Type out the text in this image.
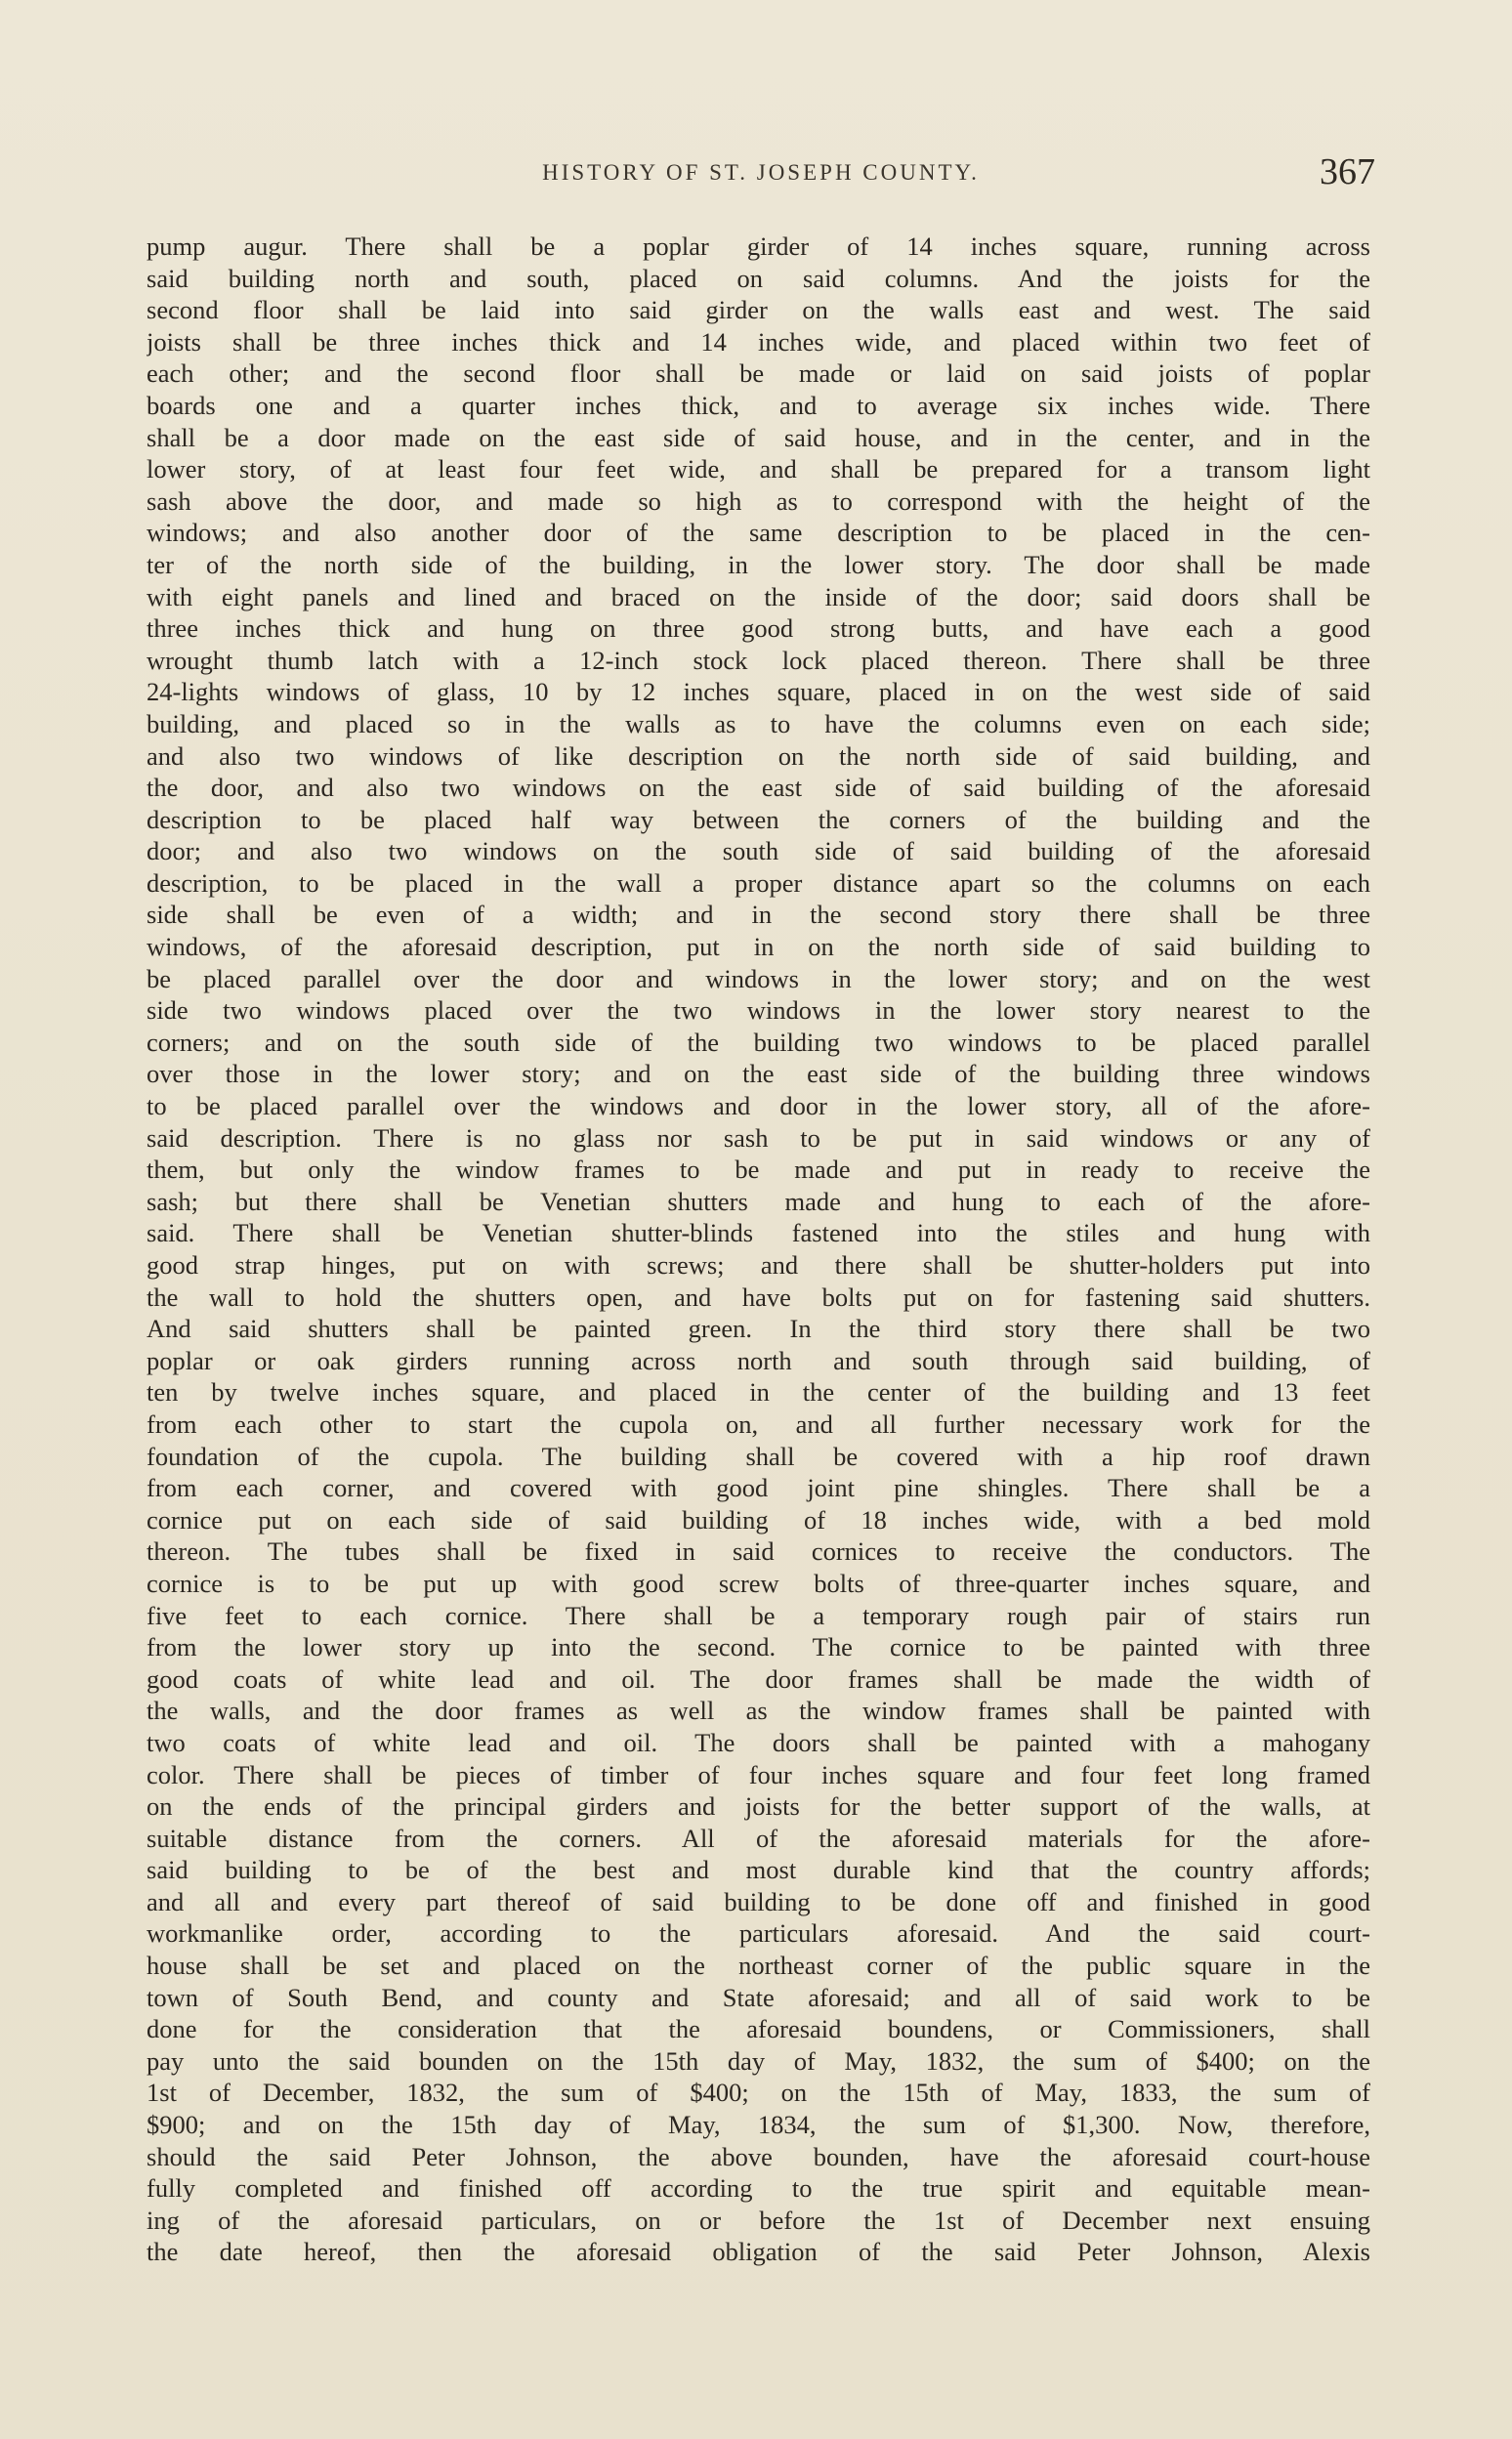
HISTORY OF ST. JOSEPH COUNTY.	367
pump augur. There shall be a poplar girder of 14 inches square, running across
said building north and south, placed on said columns. And the joists for the
second floor shall be laid into said girder on the walls east and west. The said
joists shall be three inches thick and 14 inches wide, and placed within two feet of
each other; and the second floor shall be made or laid on said joists of poplar
boards one and a quarter inches thick, and to average six inches wide. There
shall be a door made on the east side of said house, and in the center, and in the
lower story, of at least four feet wide, and shall be prepared for a transom light
sash above the door, and made so high as to correspond with the height of the
windows; and also another door of the same description to be placed in the cen-
ter of the north side of the building, in the lower story. The door shall be made
with eight panels and lined and braced on the inside of the door; said doors shall be
three inches thick and hung on three good strong butts, and have each a good
wrought thumb latch with a 12-inch stock lock placed thereon. There shall be three
24-lights windows of glass, 10 by 12 inches square, placed in on the west side of said
building, and placed so in the walls as to have the columns even on each side;
and also two windows of like description on the north side of said building, and
the door, and also two windows on the east side of said building of the aforesaid
description to be placed half way between the corners of the building and the
door; and also two windows on the south side of said building of the aforesaid
description, to be placed in the wall a proper distance apart so the columns on each
side shall be even of a width; and in the second story there shall be three
windows, of the aforesaid description, put in on the north side of said building to
be placed parallel over the door and windows in the lower story; and on the west
side two windows placed over the two windows in the lower story nearest to the
corners; and on the south side of the building two windows to be placed parallel
over those in the lower story; and on the east side of the building three windows
to be placed parallel over the windows and door in the lower story, all of the afore-
said description. There is no glass nor sash to be put in said windows or any of
them, but only the window frames to be made and put in ready to receive the
sash; but there shall be Venetian shutters made and hung to each of the afore-
said. There shall be Venetian shutter-blinds fastened into the stiles and hung with
good strap hinges, put on with screws; and there shall be shutter-holders put into
the wall to hold the shutters open, and have bolts put on for fastening said shutters.
And said shutters shall be painted green. In the third story there shall be two
poplar or oak girders running across north and south through said building, of
ten by twelve inches square, and placed in the center of the building and 13 feet
from each other to start the cupola on, and all further necessary work for the
foundation of the cupola. The building shall be covered with a hip roof drawn
from each corner, and covered with good joint pine shingles. There shall be a
cornice put on each side of said building of 18 inches wide, with a bed mold
thereon. The tubes shall be fixed in said cornices to receive the conductors. The
cornice is to be put up with good screw bolts of three-quarter inches square, and
five feet to each cornice. There shall be a temporary rough pair of stairs run
from the lower story up into the second. The cornice to be painted with three
good coats of white lead and oil. The door frames shall be made the width of
the walls, and the door frames as well as the window frames shall be painted with
two coats of white lead and oil. The doors shall be painted with a mahogany
color. There shall be pieces of timber of four inches square and four feet long framed
on the ends of the principal girders and joists for the better support of the walls, at
suitable distance from the corners. All of the aforesaid materials for the afore-
said building to be of the best and most durable kind that the country affords;
and all and every part thereof of said building to be done off and finished in good
workmanlike order, according to the particulars aforesaid. And the said court-
house shall be set and placed on the northeast corner of the public square in the
town of South Bend, and county and State aforesaid; and all of said work to be
done for the consideration that the aforesaid boundens, or Commissioners, shall
pay unto the said bounden on the 15th day of May, 1832, the sum of $400; on the
1st of December, 1832, the sum of $400; on the 15th of May, 1833, the sum of
$900; and on the 15th day of May, 1834, the sum of $1,300. Now, therefore,
should the said Peter Johnson, the above bounden, have the aforesaid court-house
fully completed and finished off according to the true spirit and equitable mean-
ing of the aforesaid particulars, on or before the 1st of December next ensuing
the date hereof, then the aforesaid obligation of the said Peter Johnson, Alexis
